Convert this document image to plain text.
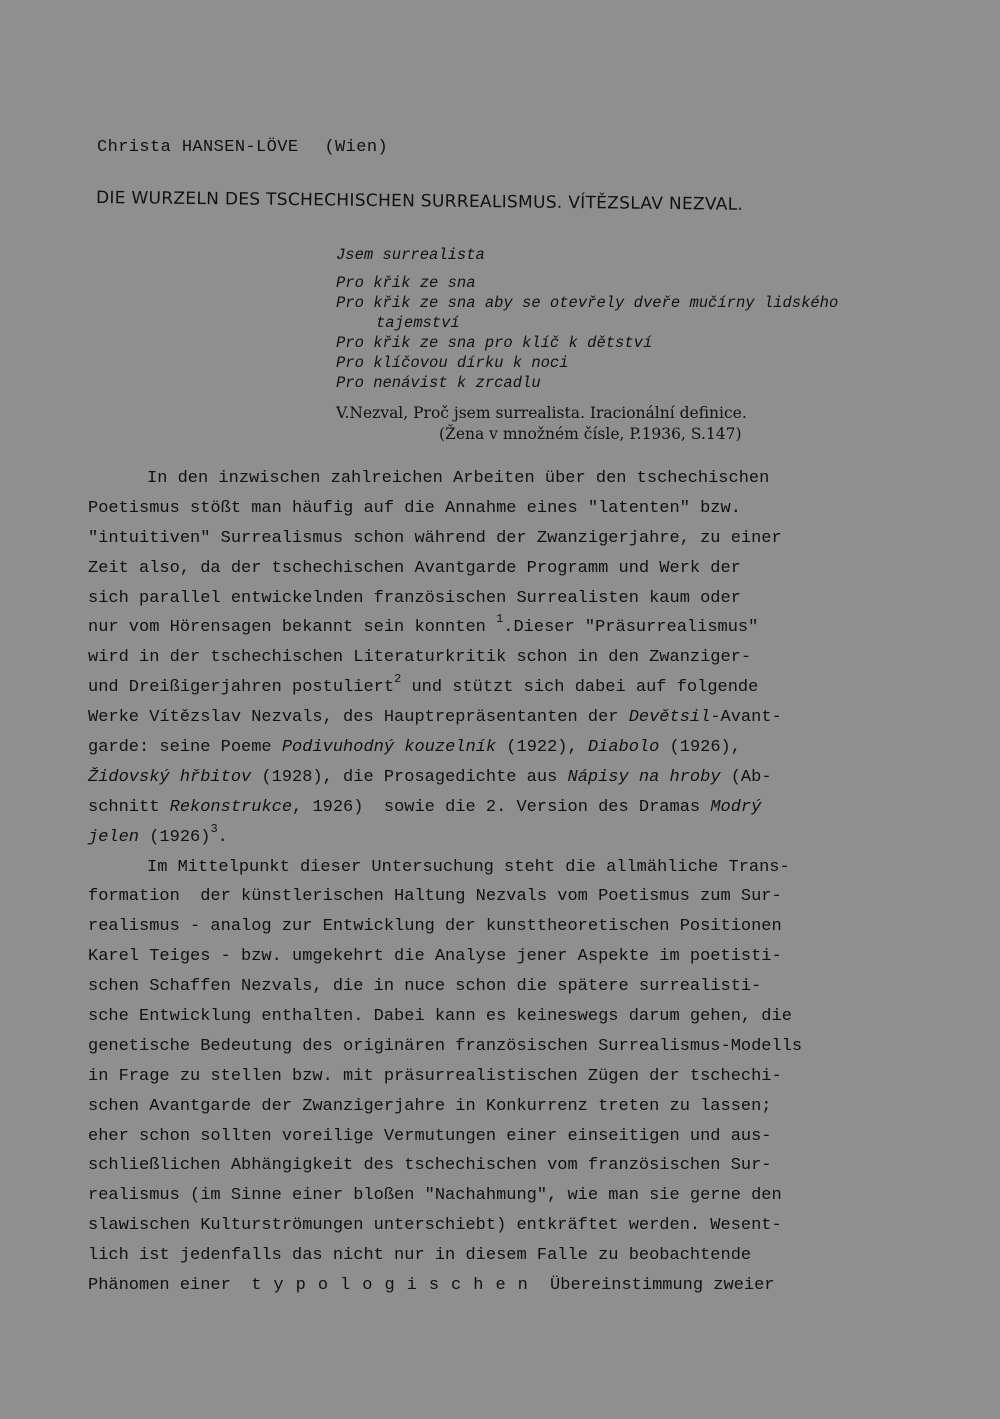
Christa HANSEN-LÖVE (Wien)
DIE WURZELN DES TSCHECHISCHEN SURREALISMUS. VÍTĚZSLAV NEZVAL.
Jsem surrealista
Pro křik ze sna
Pro křik ze sna aby se otevřely dveře mučírny lidského
tajemství
Pro křik ze sna pro klíč k dětství
Pro klíčovou dírku k noci
Pro nenávist k zrcadlu
V.Nezval, Proč jsem surrealista. Iracionální definice.
(Žena v množném čísle, P.1936, S.147)
In den inzwischen zahlreichen Arbeiten über den tschechischen
Poetismus stößt man häufig auf die Annahme eines "latenten" bzw.
"intuitiven" Surrealismus schon während der Zwanzigerjahre, zu einer
Zeit also, da der tschechischen Avantgarde Programm und Werk der
sich parallel entwickelnden französischen Surrealisten kaum oder
nur vom Hörensagen bekannt sein konnten $^1$.Dieser "Präsurrealismus"
wird in der tschechischen Literaturkritik schon in den Zwanziger-
und Dreißigerjahren postuliert$^2$ und stützt sich dabei auf folgende
Werke Vítězslav Nezvals, des Hauptrepräsentanten der Devětsil-Avant-
garde: seine Poeme Podivuhodný kouzelník (1922), Diabolo (1926),
Židovský hřbitov (1928), die Prosagedichte aus Nápisy na hroby (Ab-
schnitt Rekonstrukce, 1926)  sowie die 2. Version des Dramas Modrý
jelen $(1926)^3$.
Im Mittelpunkt dieser Untersuchung steht die allmähliche Trans-
formation  der künstlerischen Haltung Nezvals vom Poetismus zum Sur-
realismus - analog zur Entwicklung der kunsttheoretischen Positionen
Karel Teiges - bzw. umgekehrt die Analyse jener Aspekte im poetisti-
schen Schaffen Nezvals, die in nuce schon die spätere surrealisti-
sche Entwicklung enthalten. Dabei kann es keineswegs darum gehen, die
genetische Bedeutung des originären französischen Surrealismus-Modells
in Frage zu stellen bzw. mit präsurrealistischen Zügen der tschechi-
schen Avantgarde der Zwanzigerjahre in Konkurrenz treten zu lassen;
eher schon sollten voreilige Vermutungen einer einseitigen und aus-
schließlichen Abhängigkeit des tschechischen vom französischen Sur-
realismus (im Sinne einer bloßen "Nachahmung", wie man sie gerne den
slawischen Kulturströmungen unterschiebt) entkräftet werden. Wesent-
lich ist jedenfalls das nicht nur in diesem Falle zu beobachtende
Phänomen einer  typologischen Übereinstimmung zweier
